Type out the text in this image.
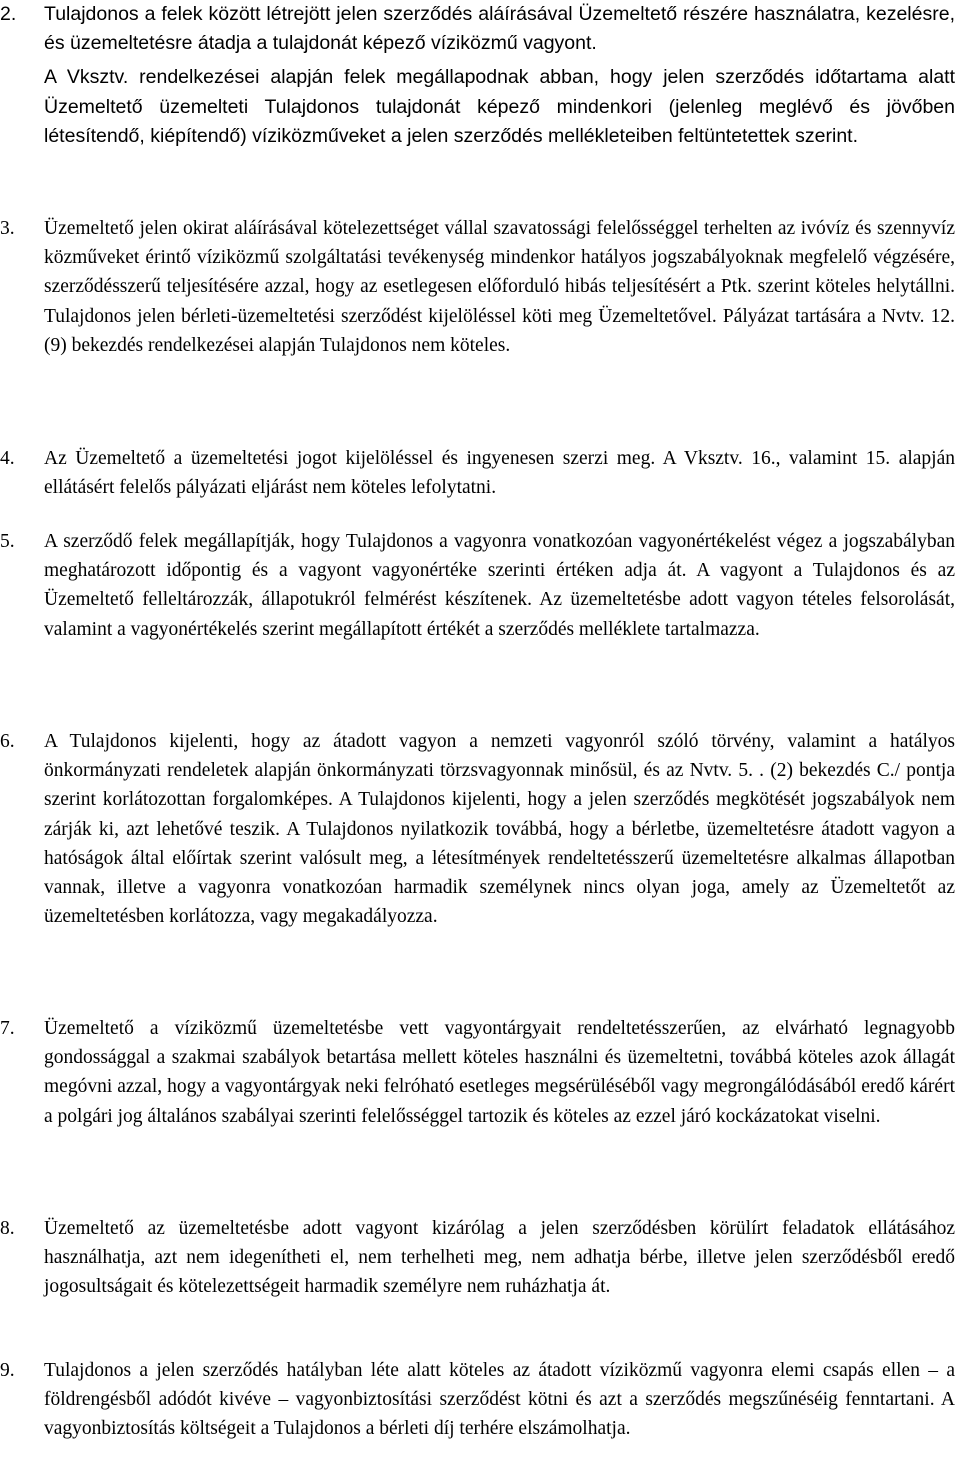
2.	Tulajdonos a felek között létrejött jelen szerződés aláírásával Üzemeltető részére használatra, kezelésre, és üzemeltetésre átadja a tulajdonát képező víziközmű vagyont.
A Vksztv. rendelkezései alapján felek megállapodnak abban, hogy jelen szerződés időtartama alatt Üzemeltető üzemelteti Tulajdonos tulajdonát képező mindenkori (jelenleg meglévő és jövőben létesítendő, kiépítendő) víziközműveket a jelen szerződés mellékleteiben feltüntetettek szerint.
3.	Üzemeltető jelen okirat aláírásával kötelezettséget vállal szavatossági felelősséggel terhelten az ivóvíz és szennyvíz közműveket érintő víziközmű szolgáltatási tevékenység mindenkor hatályos jogszabályoknak megfelelő végzésére, szerződésszerű teljesítésére azzal, hogy az esetlegesen előforduló hibás teljesítésért a Ptk. szerint köteles helytállni. Tulajdonos jelen bérleti-üzemeltetési szerződést kijelöléssel köti meg Üzemeltetővel. Pályázat tartására a Nvtv. 12. (9) bekezdés rendelkezései alapján Tulajdonos nem köteles.
4.	Az Üzemeltető a üzemeltetési jogot kijelöléssel és ingyenesen szerzi meg. A Vksztv. 16., valamint 15. alapján ellátásért felelős pályázati eljárást nem köteles lefolytatni.
5.	A szerződő felek megállapítják, hogy Tulajdonos a vagyonra vonatkozóan vagyonértékelést végez a jogszabályban meghatározott időpontig és a vagyont vagyonértéke szerinti értéken adja át. A vagyont a Tulajdonos és az Üzemeltető felleltározzák, állapotukról felmérést készítenek. Az üzemeltetésbe adott vagyon tételes felsorolását, valamint a vagyonértékelés szerint megállapított értékét a szerződés melléklete tartalmazza.
6.	A Tulajdonos kijelenti, hogy az átadott vagyon a nemzeti vagyonról szóló törvény, valamint a hatályos önkormányzati rendeletek alapján önkormányzati törzsvagyonnak minősül, és az Nvtv. 5. . (2) bekezdés C./ pontja szerint korlátozottan forgalomképes. A Tulajdonos kijelenti, hogy a jelen szerződés megkötését jogszabályok nem zárják ki, azt lehetővé teszik. A Tulajdonos nyilatkozik továbbá, hogy a bérletbe, üzemeltetésre átadott vagyon a hatóságok által előírtak szerint valósult meg, a létesítmények rendeltetésszerű üzemeltetésre alkalmas állapotban vannak, illetve a vagyonra vonatkozóan harmadik személynek nincs olyan joga, amely az Üzemeltetőt az üzemeltetésben korlátozza, vagy megakadályozza.
7.	Üzemeltető a víziközmű üzemeltetésbe vett vagyontárgyait rendeltetésszerűen, az elvárható legnagyobb gondossággal a szakmai szabályok betartása mellett köteles használni és üzemeltetni, továbbá köteles azok állagát megóvni azzal, hogy a vagyontárgyak neki felróható esetleges megsérüléséből vagy megrongálódásából eredő kárért a polgári jog általános szabályai szerinti felelősséggel tartozik és köteles az ezzel járó kockázatokat viselni.
8.	Üzemeltető az üzemeltetésbe adott vagyont kizárólag a jelen szerződésben körülírt feladatok ellátásához használhatja, azt nem idegenítheti el, nem terhelheti meg, nem adhatja bérbe, illetve jelen szerződésből eredő jogosultságait és kötelezettségeit harmadik személyre nem ruházhatja át.
9.	Tulajdonos a jelen szerződés hatályban léte alatt köteles az átadott víziközmű vagyonra elemi csapás ellen – a földrengésből adódót kivéve – vagyonbiztosítási szerződést kötni és azt a szerződés megszűnéséig fenntartani. A vagyonbiztosítás költségeit a Tulajdonos a bérleti díj terhére elszámolhatja.
